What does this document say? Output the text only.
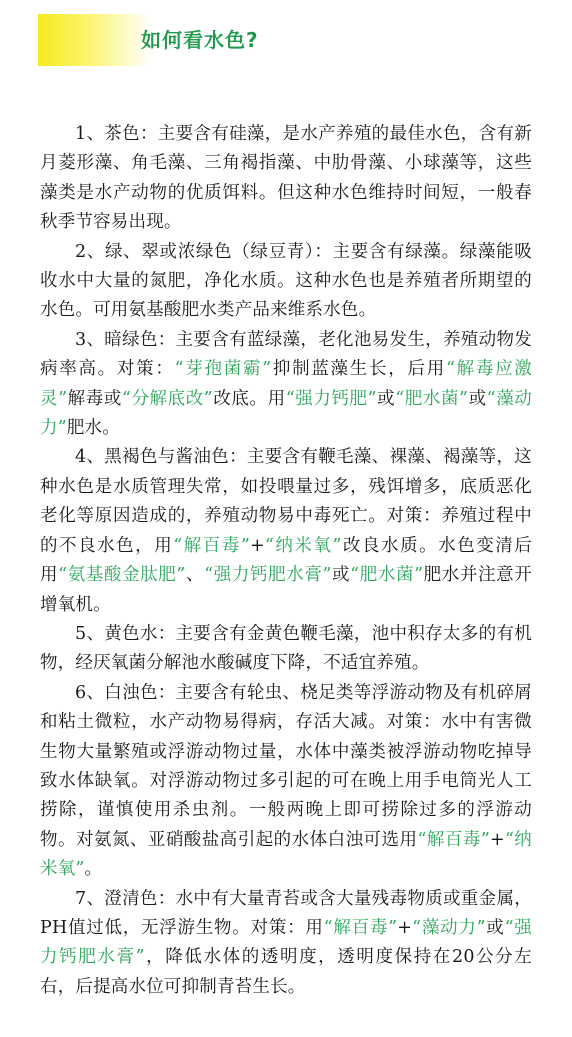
如何看水色?

1、茶色：主要含有硅藻，是水产养殖的最佳水色，含有新月菱形藻、角毛藻、三角褐指藻、中肋骨藻、小球藻等，这些藻类是水产动物的优质饵料。但这种水色维持时间短，一般春秋季节容易出现。

2、绿、翠或浓绿色（绿豆青）：主要含有绿藻。绿藻能吸收水中大量的氮肥，净化水质。这种水色也是养殖者所期望的水色。可用氨基酸肥水类产品来维系水色。

3、暗绿色：主要含有蓝绿藻，老化池易发生，养殖动物发病率高。对策：“芽孢菌霸”抑制蓝藻生长，后用“解毒应激灵”解毒或“分解底改”改底。用“强力钙肥”或“肥水菌”或“藻动力”肥水。

4、黑褐色与酱油色：主要含有鞭毛藻、裸藻、褐藻等，这种水色是水质管理失常，如投喂量过多，残饵增多，底质恶化老化等原因造成的，养殖动物易中毒死亡。对策：养殖过程中的不良水色，用“解百毒”+“纳米氧”改良水质。水色变清后用“氨基酸金肽肥”、“强力钙肥水膏”或“肥水菌”肥水并注意开增氧机。

5、黄色水：主要含有金黄色鞭毛藻，池中积存太多的有机物，经厌氧菌分解池水酸碱度下降，不适宜养殖。

6、白浊色：主要含有轮虫、桡足类等浮游动物及有机碎屑和粘土微粒，水产动物易得病，存活大减。对策：水中有害微生物大量繁殖或浮游动物过量，水体中藻类被浮游动物吃掉导致水体缺氧。对浮游动物过多引起的可在晚上用手电筒光人工捞除，谨慎使用杀虫剂。一般两晚上即可捞除过多的浮游动物。对氨氮、亚硝酸盐高引起的水体白浊可选用“解百毒”+“纳米氧”。

7、澄清色：水中有大量青苔或含大量残毒物质或重金属，PH值过低，无浮游生物。对策：用“解百毒”+“藻动力”或“强力钙肥水膏”，降低水体的透明度，透明度保持在20公分左右，后提高水位可抑制青苔生长。
